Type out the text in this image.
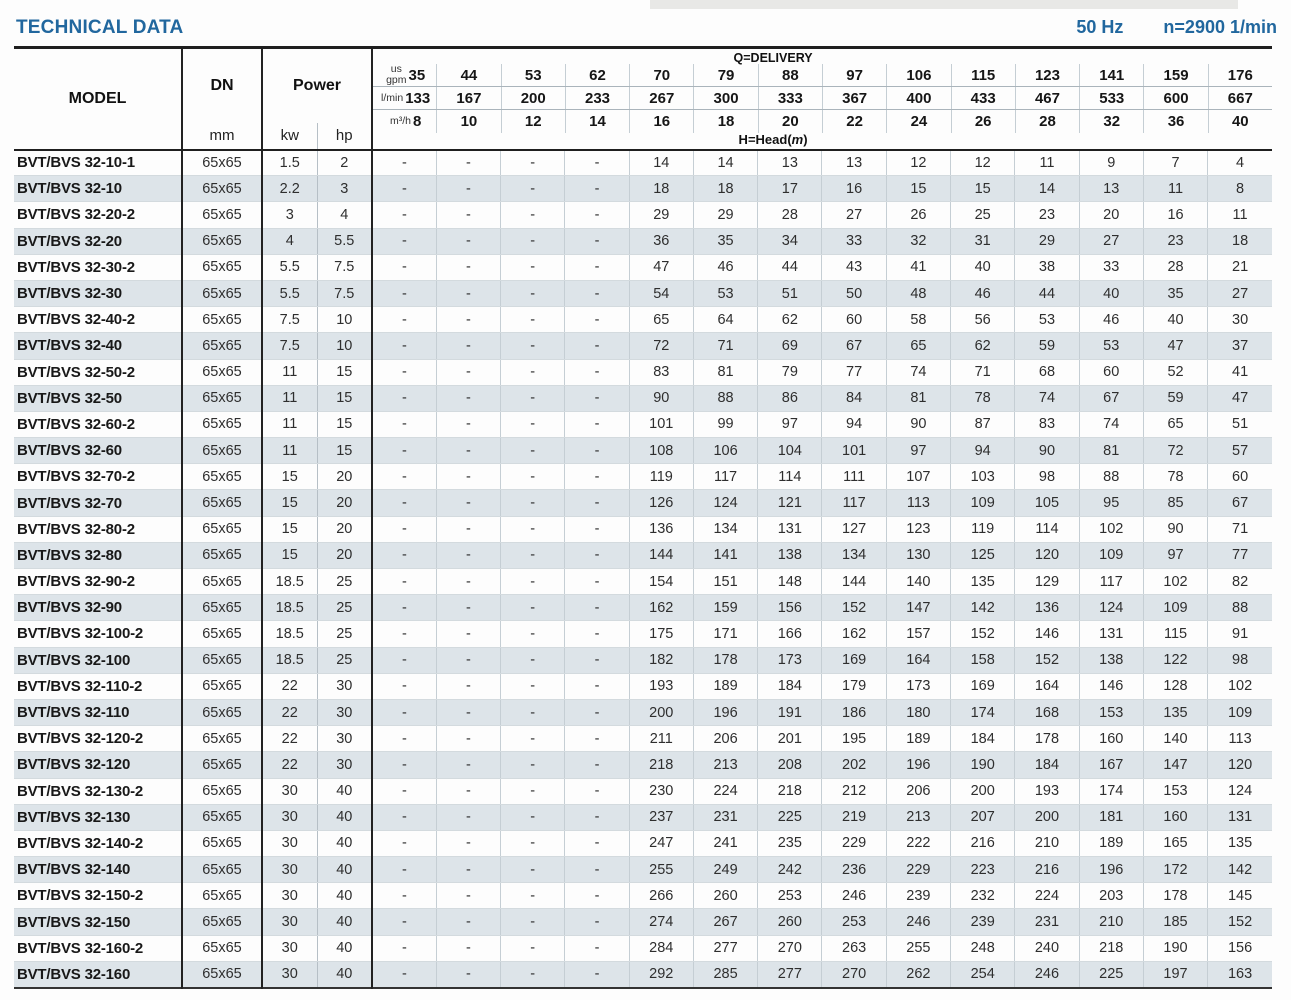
TECHNICAL DATA	50 Hz n=2900 1/min
MODEL

DN
mm

Power
kw	hp

Q=DELIVERY
us
gpm 35 44	53	62	70	79	88	97	106	115	123	141	159	176
l/min 133 167	200	233	267	300	333	367	400	433	467	533	600	667
m³/h 8	10	12	14	16	18	20	22	24	26	28	32	36	40
H=Head(m)

BVT/BVS 32-10-1	65x65	1.5	2	-	-	-	-	14	14	13	13	12	12	11	9	7	4
BVT/BVS 32-10	65x65	2.2	3	-	-	-	-	18	18	17	16	15	15	14	13	11	8
BVT/BVS 32-20-2	65x65	3	4	-	-	-	-	29	29	28	27	26	25	23	20	16	11
BVT/BVS 32-20	65x65	4	5.5	-	-	-	-	36	35	34	33	32	31	29	27	23	18
BVT/BVS 32-30-2	65x65	5.5	7.5	-	-	-	-	47	46	44	43	41	40	38	33	28	21
BVT/BVS 32-30	65x65	5.5	7.5	-	-	-	-	54	53	51	50	48	46	44	40	35	27
BVT/BVS 32-40-2	65x65	7.5	10	-	-	-	-	65	64	62	60	58	56	53	46	40	30
BVT/BVS 32-40	65x65	7.5	10	-	-	-	-	72	71	69	67	65	62	59	53	47	37
BVT/BVS 32-50-2	65x65	11	15	-	-	-	-	83	81	79	77	74	71	68	60	52	41
BVT/BVS 32-50	65x65	11	15	-	-	-	-	90	88	86	84	81	78	74	67	59	47
BVT/BVS 32-60-2	65x65	11	15	-	-	-	-	101	99	97	94	90	87	83	74	65	51
BVT/BVS 32-60	65x65	11	15	-	-	-	-	108	106	104	101	97	94	90	81	72	57
BVT/BVS 32-70-2	65x65	15	20	-	-	-	-	119	117	114	111	107	103	98	88	78	60
BVT/BVS 32-70	65x65	15	20	-	-	-	-	126	124	121	117	113	109	105	95	85	67
BVT/BVS 32-80-2	65x65	15	20	-	-	-	-	136	134	131	127	123	119	114	102	90	71
BVT/BVS 32-80	65x65	15	20	-	-	-	-	144	141	138	134	130	125	120	109	97	77
BVT/BVS 32-90-2	65x65	18.5	25	-	-	-	-	154	151	148	144	140	135	129	117	102	82
BVT/BVS 32-90	65x65	18.5	25	-	-	-	-	162	159	156	152	147	142	136	124	109	88
BVT/BVS 32-100-2	65x65	18.5	25	-	-	-	-	175	171	166	162	157	152	146	131	115	91
BVT/BVS 32-100	65x65	18.5	25	-	-	-	-	182	178	173	169	164	158	152	138	122	98
BVT/BVS 32-110-2	65x65	22	30	-	-	-	-	193	189	184	179	173	169	164	146	128	102
BVT/BVS 32-110	65x65	22	30	-	-	-	-	200	196	191	186	180	174	168	153	135	109
BVT/BVS 32-120-2	65x65	22	30	-	-	-	-	211	206	201	195	189	184	178	160	140	113
BVT/BVS 32-120	65x65	22	30	-	-	-	-	218	213	208	202	196	190	184	167	147	120
BVT/BVS 32-130-2	65x65	30	40	-	-	-	-	230	224	218	212	206	200	193	174	153	124
BVT/BVS 32-130	65x65	30	40	-	-	-	-	237	231	225	219	213	207	200	181	160	131
BVT/BVS 32-140-2	65x65	30	40	-	-	-	-	247	241	235	229	222	216	210	189	165	135
BVT/BVS 32-140	65x65	30	40	-	-	-	-	255	249	242	236	229	223	216	196	172	142
BVT/BVS 32-150-2	65x65	30	40	-	-	-	-	266	260	253	246	239	232	224	203	178	145
BVT/BVS 32-150	65x65	30	40	-	-	-	-	274	267	260	253	246	239	231	210	185	152
BVT/BVS 32-160-2	65x65	30	40	-	-	-	-	284	277	270	263	255	248	240	218	190	156
BVT/BVS 32-160	65x65	30	40	-	-	-	-	292	285	277	270	262	254	246	225	197	163
